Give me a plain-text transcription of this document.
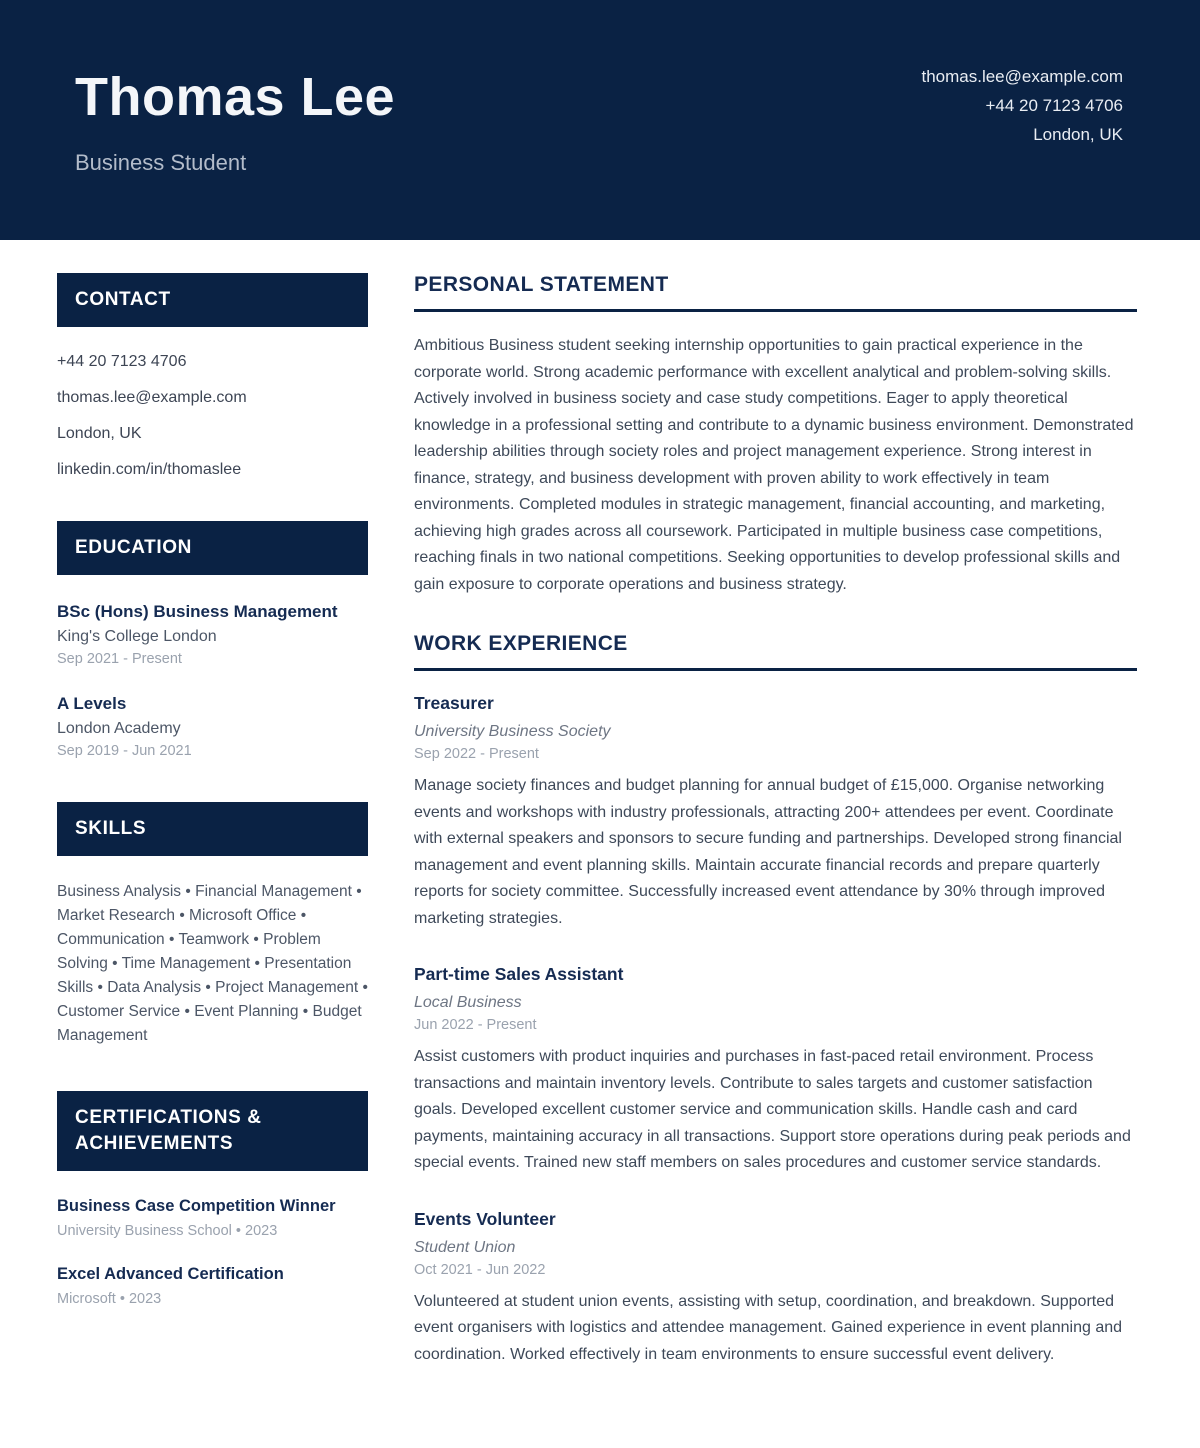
Thomas Lee
Business Student
thomas.lee@example.com
+44 20 7123 4706
London, UK
CONTACT
+44 20 7123 4706
thomas.lee@example.com
London, UK
linkedin.com/in/thomaslee
EDUCATION
BSc (Hons) Business Management
King's College London
Sep 2021 - Present
A Levels
London Academy
Sep 2019 - Jun 2021
SKILLS

Business Analysis • Financial Management • Market Research • Microsoft Office • Communication • Teamwork • Problem Solving • Time Management • Presentation Skills • Data Analysis • Project Management • Customer Service • Event Planning • Budget Management

CERTIFICATIONS & ACHIEVEMENTS
Business Case Competition Winner
University Business School • 2023
Excel Advanced Certification
Microsoft • 2023
PERSONAL STATEMENT

Ambitious Business student seeking internship opportunities to gain practical experience in the corporate world. Strong academic performance with excellent analytical and problem-solving skills. Actively involved in business society and case study competitions. Eager to apply theoretical knowledge in a professional setting and contribute to a dynamic business environment. Demonstrated leadership abilities through society roles and project management experience. Strong interest in finance, strategy, and business development with proven ability to work effectively in team environments. Completed modules in strategic management, financial accounting, and marketing, achieving high grades across all coursework. Participated in multiple business case competitions, reaching finals in two national competitions. Seeking opportunities to develop professional skills and gain exposure to corporate operations and business strategy.

WORK EXPERIENCE
Treasurer
University Business Society
Sep 2022 - Present

Manage society finances and budget planning for annual budget of £15,000. Organise networking events and workshops with industry professionals, attracting 200+ attendees per event. Coordinate with external speakers and sponsors to secure funding and partnerships. Developed strong financial management and event planning skills. Maintain accurate financial records and prepare quarterly reports for society committee. Successfully increased event attendance by 30% through improved marketing strategies.

Part-time Sales Assistant
Local Business
Jun 2022 - Present

Assist customers with product inquiries and purchases in fast-paced retail environment. Process transactions and maintain inventory levels. Contribute to sales targets and customer satisfaction goals. Developed excellent customer service and communication skills. Handle cash and card payments, maintaining accuracy in all transactions. Support store operations during peak periods and special events. Trained new staff members on sales procedures and customer service standards.

Events Volunteer
Student Union
Oct 2021 - Jun 2022

Volunteered at student union events, assisting with setup, coordination, and breakdown. Supported event organisers with logistics and attendee management. Gained experience in event planning and coordination. Worked effectively in team environments to ensure successful event delivery.
